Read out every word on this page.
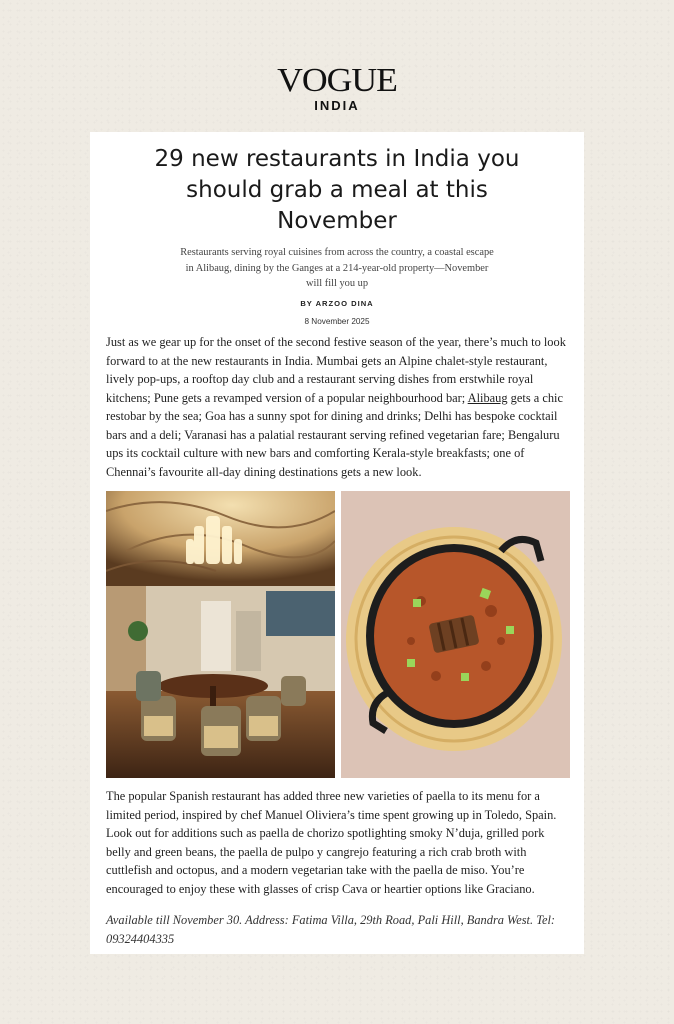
VOGUE
INDIA
29 new restaurants in India you should grab a meal at this November
Restaurants serving royal cuisines from across the country, a coastal escape in Alibaug, dining by the Ganges at a 214-year-old property—November will fill you up
BY ARZOO DINA
8 November 2025
Just as we gear up for the onset of the second festive season of the year, there’s much to look forward to at the new restaurants in India. Mumbai gets an Alpine chalet-style restaurant, lively pop-ups, a rooftop day club and a restaurant serving dishes from erstwhile royal kitchens; Pune gets a revamped version of a popular neighbourhood bar; Alibaug gets a chic restobar by the sea; Goa has a sunny spot for dining and drinks; Delhi has bespoke cocktail bars and a deli; Varanasi has a palatial restaurant serving refined vegetarian fare; Bengaluru ups its cocktail culture with new bars and comforting Kerala-style breakfasts; one of Chennai’s favourite all-day dining destinations gets a new look.
The popular Spanish restaurant has added three new varieties of paella to its menu for a limited period, inspired by chef Manuel Oliviera’s time spent growing up in Toledo, Spain. Look out for additions such as paella de chorizo spotlighting smoky N’duja, grilled pork belly and green beans, the paella de pulpo y cangrejo featuring a rich crab broth with cuttlefish and octopus, and a modern vegetarian take with the paella de miso. You’re encouraged to enjoy these with glasses of crisp Cava or heartier options like Graciano.
Available till November 30. Address: Fatima Villa, 29th Road, Pali Hill, Bandra West. Tel: 09324404335
